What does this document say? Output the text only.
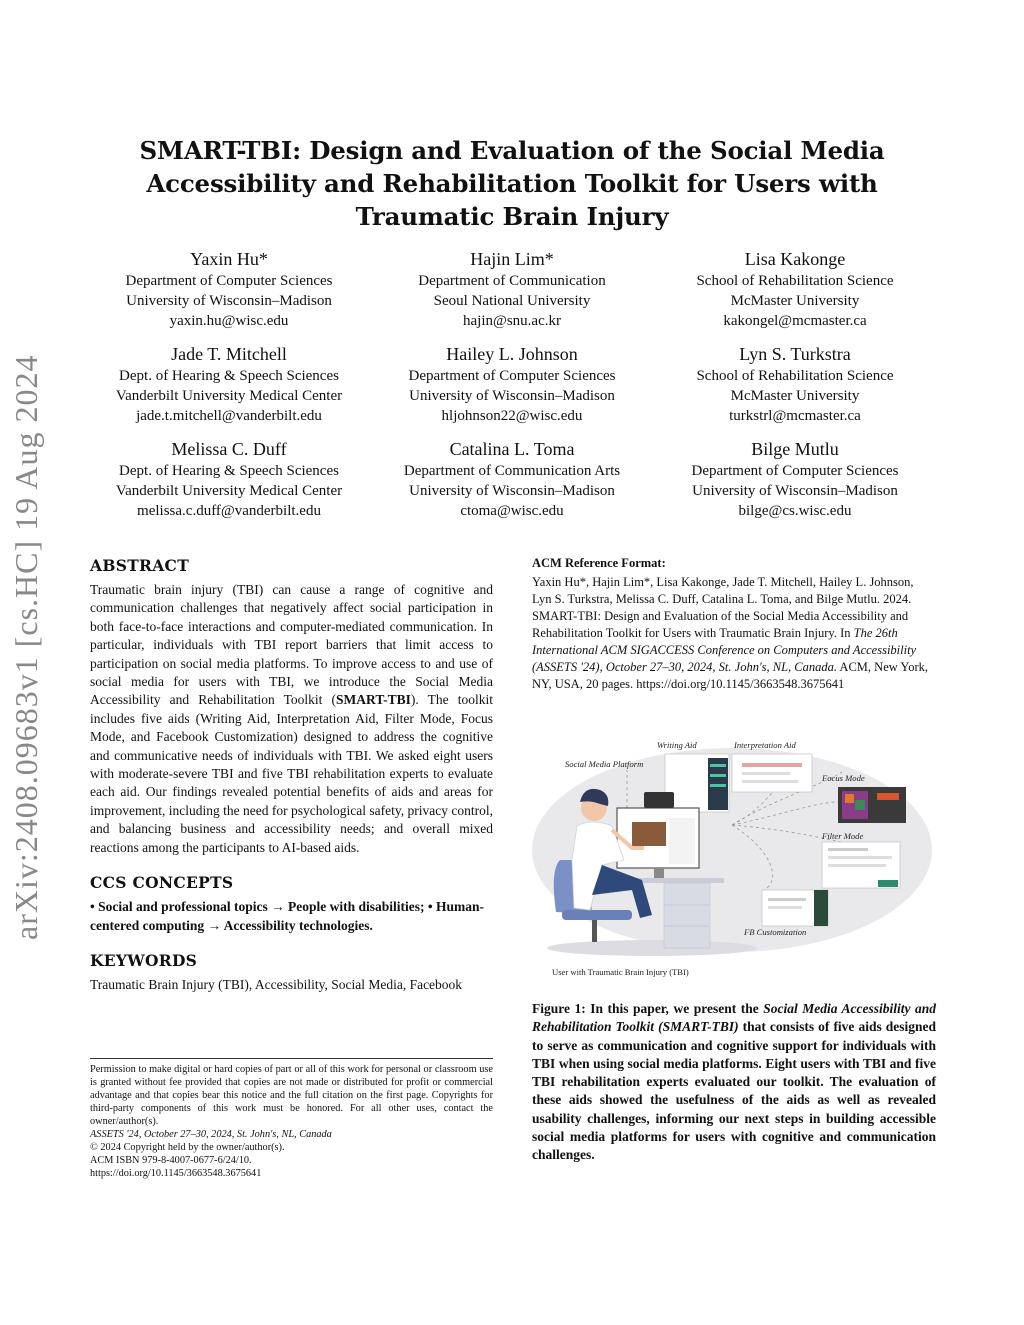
arXiv:2408.09683v1 [cs.HC] 19 Aug 2024
SMART-TBI: Design and Evaluation of the Social Media Accessibility and Rehabilitation Toolkit for Users with Traumatic Brain Injury
Yaxin Hu*
Department of Computer Sciences
University of Wisconsin–Madison
yaxin.hu@wisc.edu
Hajin Lim*
Department of Communication
Seoul National University
hajin@snu.ac.kr
Lisa Kakonge
School of Rehabilitation Science
McMaster University
kakongel@mcmaster.ca
Jade T. Mitchell
Dept. of Hearing & Speech Sciences
Vanderbilt University Medical Center
jade.t.mitchell@vanderbilt.edu
Hailey L. Johnson
Department of Computer Sciences
University of Wisconsin–Madison
hljohnson22@wisc.edu
Lyn S. Turkstra
School of Rehabilitation Science
McMaster University
turkstrl@mcmaster.ca
Melissa C. Duff
Dept. of Hearing & Speech Sciences
Vanderbilt University Medical Center
melissa.c.duff@vanderbilt.edu
Catalina L. Toma
Department of Communication Arts
University of Wisconsin–Madison
ctoma@wisc.edu
Bilge Mutlu
Department of Computer Sciences
University of Wisconsin–Madison
bilge@cs.wisc.edu
ABSTRACT

Traumatic brain injury (TBI) can cause a range of cognitive and communication challenges that negatively affect social participation in both face-to-face interactions and computer-mediated communication. In particular, individuals with TBI report barriers that limit access to participation on social media platforms. To improve access to and use of social media for users with TBI, we introduce the Social Media Accessibility and Rehabilitation Toolkit (SMART-TBI). The toolkit includes five aids (Writing Aid, Interpretation Aid, Filter Mode, Focus Mode, and Facebook Customization) designed to address the cognitive and communicative needs of individuals with TBI. We asked eight users with moderate-severe TBI and five TBI rehabilitation experts to evaluate each aid. Our findings revealed potential benefits of aids and areas for improvement, including the need for psychological safety, privacy control, and balancing business and accessibility needs; and overall mixed reactions among the participants to AI-based aids.

CCS CONCEPTS

• Social and professional topics → People with disabilities; • Human-centered computing → Accessibility technologies.

KEYWORDS

Traumatic Brain Injury (TBI), Accessibility, Social Media, Facebook

Permission to make digital or hard copies of part or all of this work for personal or classroom use is granted without fee provided that copies are not made or distributed for profit or commercial advantage and that copies bear this notice and the full citation on the first page. Copyrights for third-party components of this work must be honored. For all other uses, contact the owner/author(s).

ASSETS '24, October 27–30, 2024, St. John's, NL, Canada

© 2024 Copyright held by the owner/author(s).

ACM ISBN 979-8-4007-0677-6/24/10.

https://doi.org/10.1145/3663548.3675641

ACM Reference Format:

Yaxin Hu*, Hajin Lim*, Lisa Kakonge, Jade T. Mitchell, Hailey L. Johnson, Lyn S. Turkstra, Melissa C. Duff, Catalina L. Toma, and Bilge Mutlu. 2024. SMART-TBI: Design and Evaluation of the Social Media Accessibility and Rehabilitation Toolkit for Users with Traumatic Brain Injury. In The 26th International ACM SIGACCESS Conference on Computers and Accessibility (ASSETS '24), October 27–30, 2024, St. John's, NL, Canada. ACM, New York, NY, USA, 20 pages. https://doi.org/10.1145/3663548.3675641

Writing Aid	Interpretation Aid
Social Media Platform
Focus Mode
Filter Mode
FB Customization
User with Traumatic Brain Injury (TBI)
Figure 1: In this paper, we present the Social Media Accessibility and Rehabilitation Toolkit (SMART-TBI) that consists of five aids designed to serve as communication and cognitive support for individuals with TBI when using social media platforms. Eight users with TBI and five TBI rehabilitation experts evaluated our toolkit. The evaluation of these aids showed the usefulness of the aids as well as revealed usability challenges, informing our next steps in building accessible social media platforms for users with cognitive and communication challenges.
